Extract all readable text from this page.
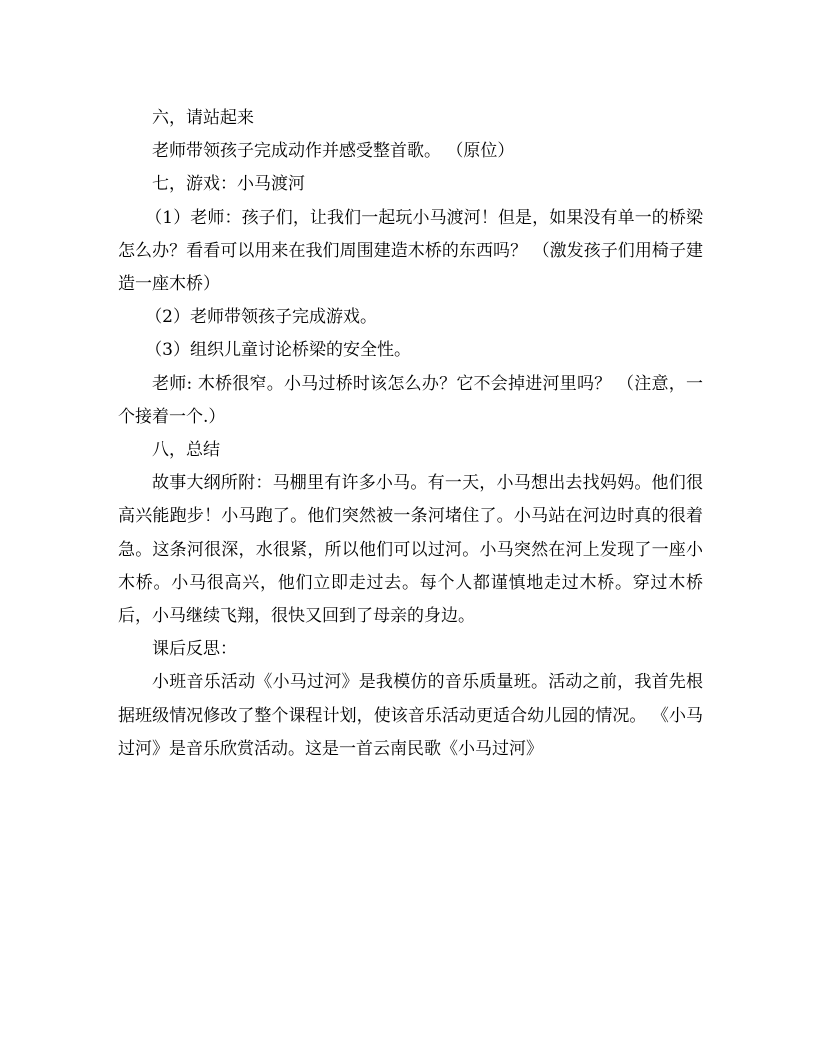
六，请站起来

老师带领孩子完成动作并感受整首歌。 （原位）

七，游戏：小马渡河

（1）老师：孩子们，让我们一起玩小马渡河！但是，如果没有单一的桥梁怎么办？看看可以用来在我们周围建造木桥的东西吗？ （激发孩子们用椅子建造一座木桥）

（2）老师带领孩子完成游戏。

（3）组织儿童讨论桥梁的安全性。

老师: 木桥很窄。小马过桥时该怎么办？它不会掉进河里吗？ （注意，一个接着一个.）

八，总结

故事大纲所附：马棚里有许多小马。有一天，小马想出去找妈妈。他们很高兴能跑步！小马跑了。他们突然被一条河堵住了。小马站在河边时真的很着急。这条河很深，水很紧，所以他们可以过河。小马突然在河上发现了一座小木桥。小马很高兴，他们立即走过去。每个人都谨慎地走过木桥。穿过木桥后，小马继续飞翔，很快又回到了母亲的身边。

课后反思：

小班音乐活动《小马过河》是我模仿的音乐质量班。活动之前，我首先根据班级情况修改了整个课程计划，使该音乐活动更适合幼儿园的情况。 《小马过河》是音乐欣赏活动。这是一首云南民歌《小马过河》
